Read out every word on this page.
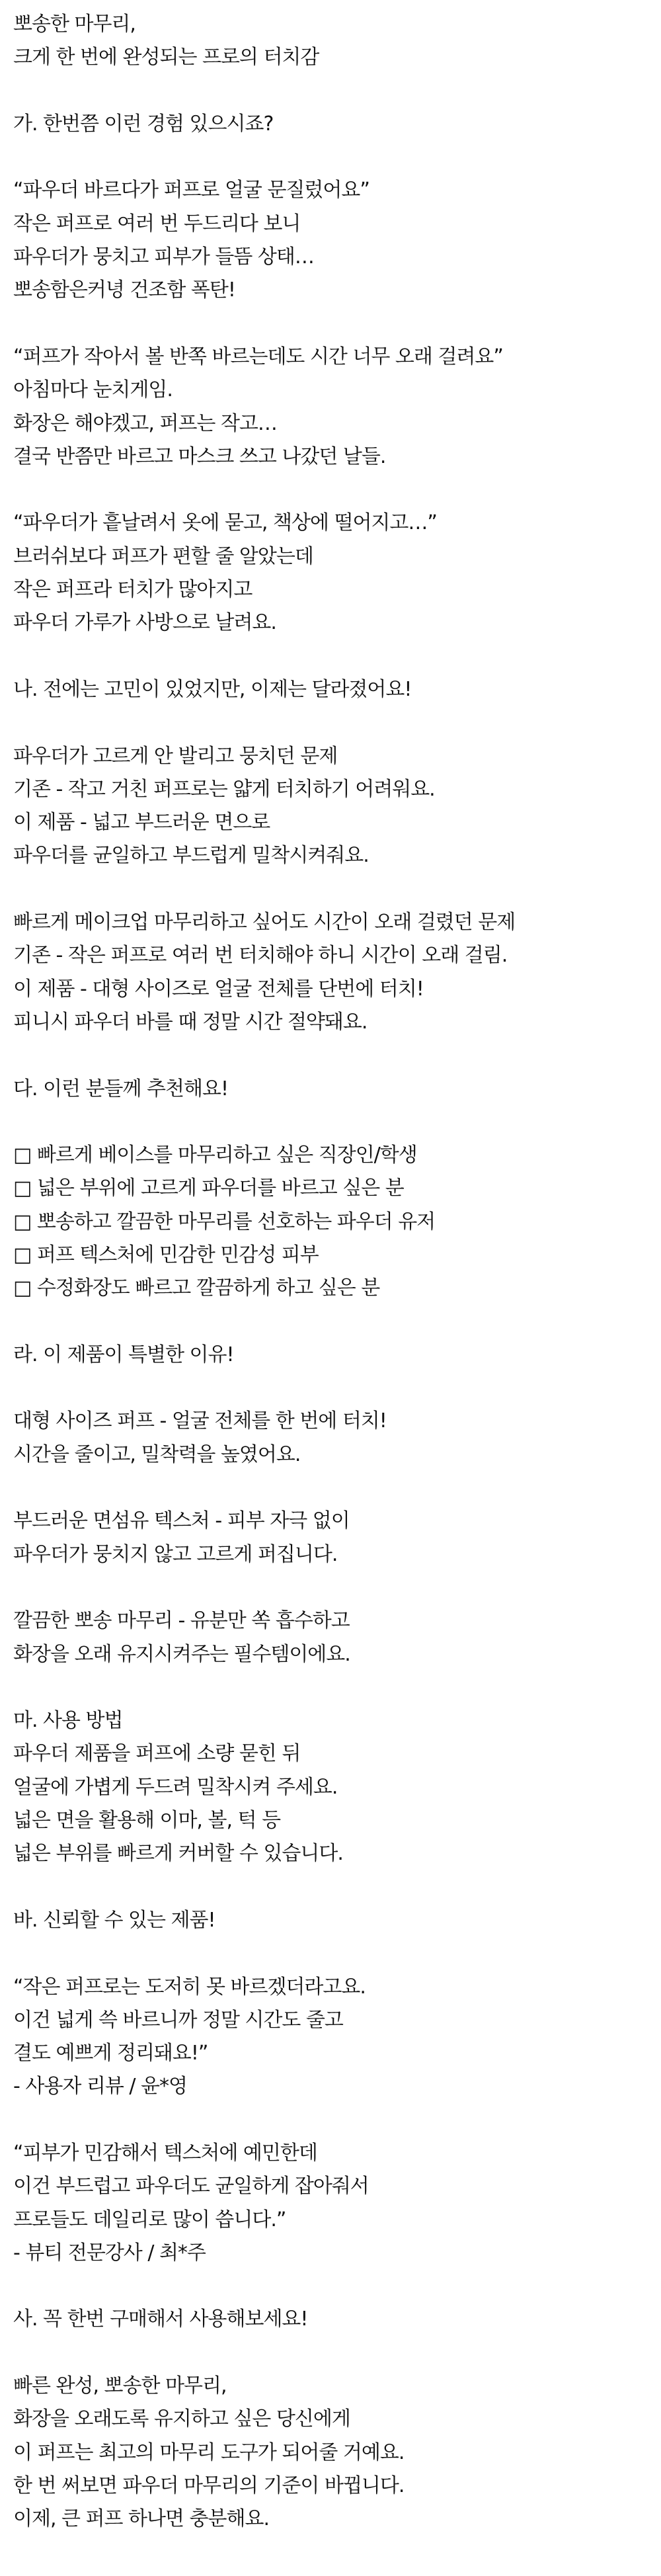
뽀송한 마무리,
크게 한 번에 완성되는 프로의 터치감
가. 한번쯤 이런 경험 있으시죠?
“파우더 바르다가 퍼프로 얼굴 문질렀어요”
작은 퍼프로 여러 번 두드리다 보니
파우더가 뭉치고 피부가 들뜸 상태…
뽀송함은커녕 건조함 폭탄!
“퍼프가 작아서 볼 반쪽 바르는데도 시간 너무 오래 걸려요”
아침마다 눈치게임.
화장은 해야겠고, 퍼프는 작고…
결국 반쯤만 바르고 마스크 쓰고 나갔던 날들.
“파우더가 흩날려서 옷에 묻고, 책상에 떨어지고…”
브러쉬보다 퍼프가 편할 줄 알았는데
작은 퍼프라 터치가 많아지고
파우더 가루가 사방으로 날려요.
나. 전에는 고민이 있었지만, 이제는 달라졌어요!
파우더가 고르게 안 발리고 뭉치던 문제
기존 - 작고 거친 퍼프로는 얇게 터치하기 어려워요.
이 제품 - 넓고 부드러운 면으로
파우더를 균일하고 부드럽게 밀착시켜줘요.
빠르게 메이크업 마무리하고 싶어도 시간이 오래 걸렸던 문제
기존 - 작은 퍼프로 여러 번 터치해야 하니 시간이 오래 걸림.
이 제품 - 대형 사이즈로 얼굴 전체를 단번에 터치!
피니시 파우더 바를 때 정말 시간 절약돼요.
다. 이런 분들께 추천해요!
□ 빠르게 베이스를 마무리하고 싶은 직장인/학생
□ 넓은 부위에 고르게 파우더를 바르고 싶은 분
□ 뽀송하고 깔끔한 마무리를 선호하는 파우더 유저
□ 퍼프 텍스처에 민감한 민감성 피부
□ 수정화장도 빠르고 깔끔하게 하고 싶은 분
라. 이 제품이 특별한 이유!
대형 사이즈 퍼프 - 얼굴 전체를 한 번에 터치!
시간을 줄이고, 밀착력을 높였어요.
부드러운 면섬유 텍스처 - 피부 자극 없이
파우더가 뭉치지 않고 고르게 퍼집니다.
깔끔한 뽀송 마무리 - 유분만 쏙 흡수하고
화장을 오래 유지시켜주는 필수템이에요.
마. 사용 방법
파우더 제품을 퍼프에 소량 묻힌 뒤
얼굴에 가볍게 두드려 밀착시켜 주세요.
넓은 면을 활용해 이마, 볼, 턱 등
넓은 부위를 빠르게 커버할 수 있습니다.
바. 신뢰할 수 있는 제품!
“작은 퍼프로는 도저히 못 바르겠더라고요.
이건 넓게 쓱 바르니까 정말 시간도 줄고
결도 예쁘게 정리돼요!”
- 사용자 리뷰 / 윤*영
“피부가 민감해서 텍스처에 예민한데
이건 부드럽고 파우더도 균일하게 잡아줘서
프로들도 데일리로 많이 씁니다.”
- 뷰티 전문강사 / 최*주
사. 꼭 한번 구매해서 사용해보세요!
빠른 완성, 뽀송한 마무리,
화장을 오래도록 유지하고 싶은 당신에게
이 퍼프는 최고의 마무리 도구가 되어줄 거예요.
한 번 써보면 파우더 마무리의 기준이 바뀝니다.
이제, 큰 퍼프 하나면 충분해요.
